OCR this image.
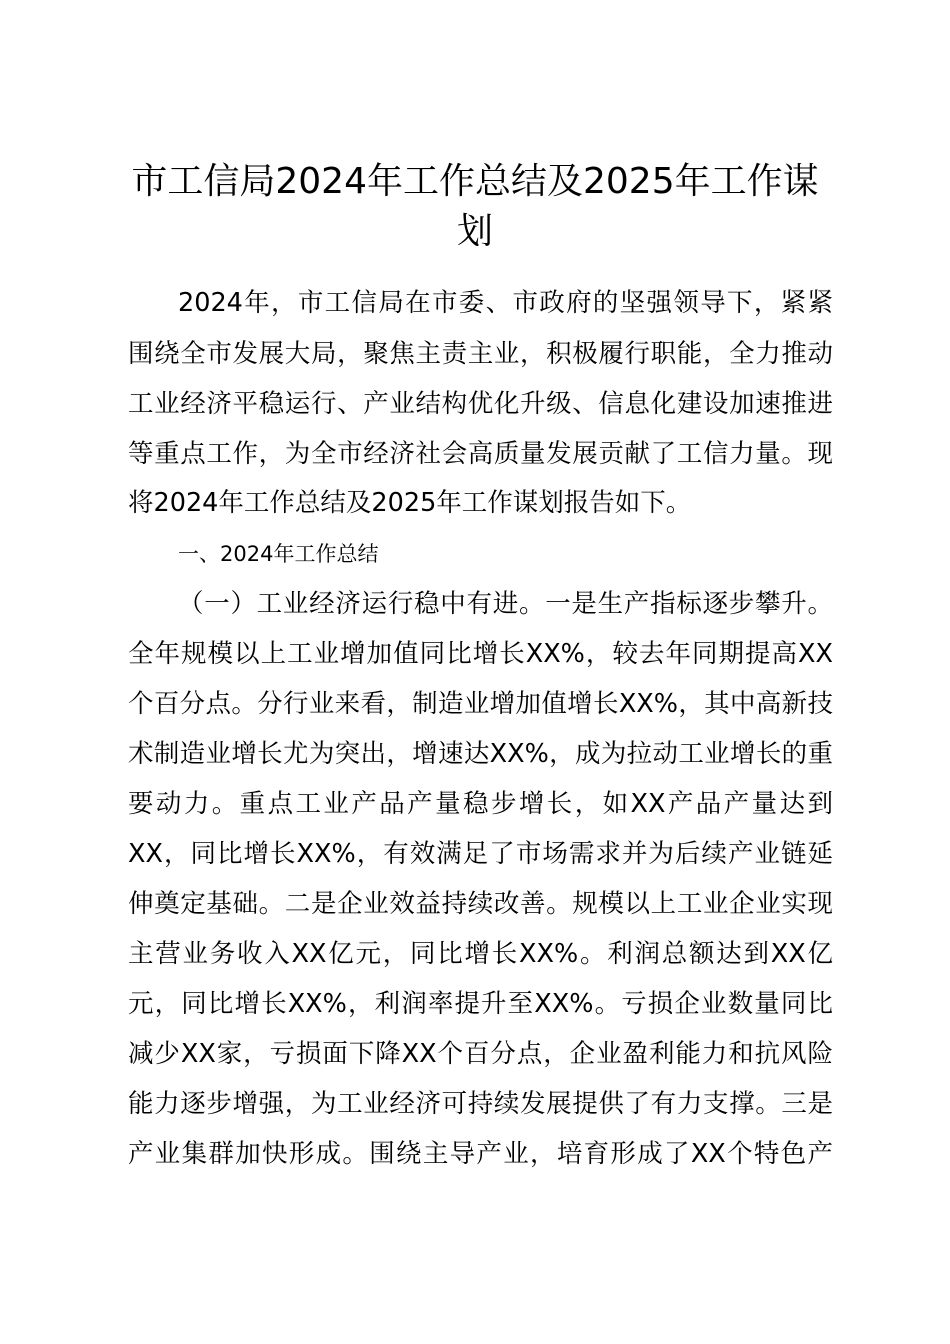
市工信局2024年工作总结及2025年工作谋
划

2024年，市工信局在市委、市政府的坚强领导下，紧紧

围绕全市发展大局，聚焦主责主业，积极履行职能，全力推动

工业经济平稳运行、产业结构优化升级、信息化建设加速推进

等重点工作，为全市经济社会高质量发展贡献了工信力量。现

将2024年工作总结及2025年工作谋划报告如下。

一、2024年工作总结

（一）工业经济运行稳中有进。一是生产指标逐步攀升。

全年规模以上工业增加值同比增长XX%，较去年同期提高XX

个百分点。分行业来看，制造业增加值增长XX%，其中高新技

术制造业增长尤为突出，增速达XX%，成为拉动工业增长的重

要动力。重点工业产品产量稳步增长，如XX产品产量达到

XX，同比增长XX%，有效满足了市场需求并为后续产业链延

伸奠定基础。二是企业效益持续改善。规模以上工业企业实现

主营业务收入XX亿元，同比增长XX%。利润总额达到XX亿

元，同比增长XX%，利润率提升至XX%。亏损企业数量同比

减少XX家，亏损面下降XX个百分点，企业盈利能力和抗风险

能力逐步增强，为工业经济可持续发展提供了有力支撑。三是

产业集群加快形成。围绕主导产业，培育形成了XX个特色产
